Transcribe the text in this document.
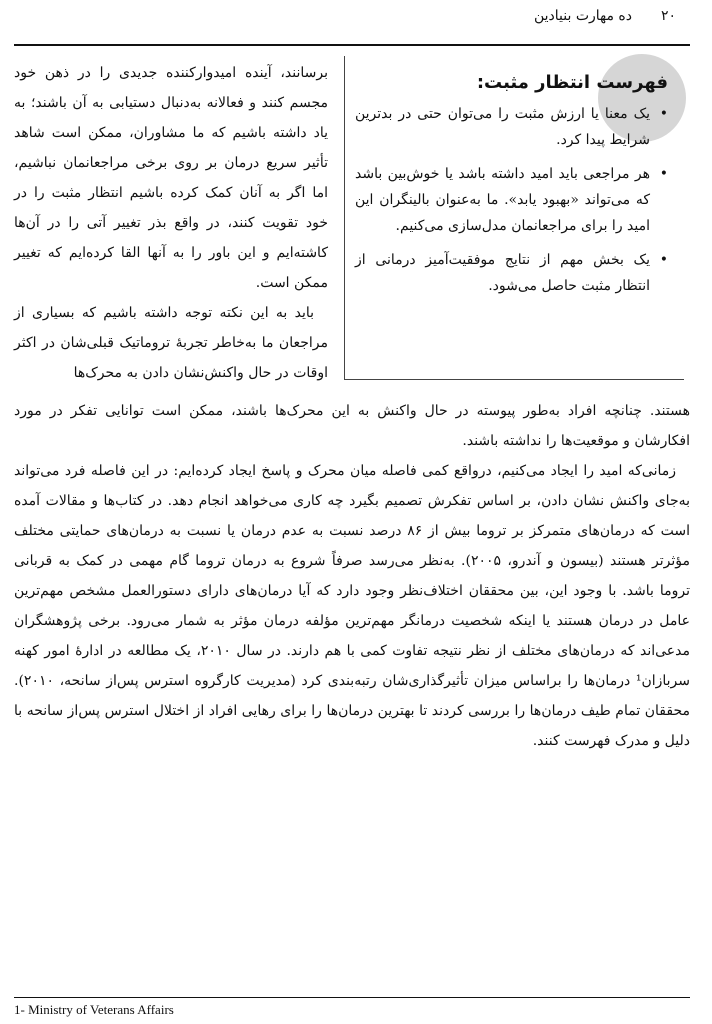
۲۰
ده مهارت بنیادین
فهرست انتظار مثبت:
•
یک معنا یا ارزش مثبت را می‌توان حتی در بدترین شرایط پیدا کرد.
•
هر مراجعی باید امید داشته باشد یا خوش‌بین باشد که می‌تواند «بهبود یابد». ما به‌عنوان بالینگران این امید را برای مراجعانمان مدل‌سازی می‌کنیم.
•
یک بخش مهم از نتایج موفقیت‌آمیز درمانی از انتظار مثبت حاصل می‌شود.

برسانند، آینده امیدوارکننده جدیدی را در ذهن خود مجسم کنند و فعالانه به‌دنبال دستیابی به آن باشند؛ به یاد داشته باشیم که ما مشاوران، ممکن است شاهد تأثیر سریع درمان بر روی برخی مراجعانمان نباشیم، اما اگر به آنان کمک کرده باشیم انتظار مثبت را در خود تقویت کنند، در واقع بذر تغییر آتی را در آن‌ها کاشته‌ایم و این باور را به آنها القا کرده‌ایم که تغییر ممکن است.

باید به این نکته توجه داشته باشیم که بسیاری از مراجعان ما به‌خاطر تجربهٔ تروماتیک قبلی‌شان در اکثر اوقات در حال واکنش‌نشان دادن به محرک‌ها

هستند. چنانچه افراد به‌طور پیوسته در حال واکنش به این محرک‌ها باشند، ممکن است توانایی تفکر در مورد افکارشان و موقعیت‌ها را نداشته باشند.

زمانی‌که امید را ایجاد می‌کنیم، درواقع کمی فاصله میان محرک و پاسخ ایجاد کرده‌ایم: در این فاصله فرد می‌تواند به‌جای واکنش نشان دادن، بر اساس تفکرش تصمیم بگیرد چه کاری می‌خواهد انجام دهد. در کتاب‌ها و مقالات آمده است که درمان‌های متمرکز بر تروما بیش از ۸۶ درصد نسبت به عدم درمان یا نسبت به درمان‌های حمایتی مختلف مؤثرتر هستند (بیسون و آندرو، ۲۰۰۵). به‌نظر می‌رسد صرفاً شروع به درمان تروما گام مهمی در کمک به قربانی تروما باشد. با وجود این، بین محققان اختلاف‌نظر وجود دارد که آیا درمان‌های دارای دستورالعمل مشخص مهم‌ترین عامل در درمان هستند یا اینکه شخصیت درمانگر مهم‌ترین مؤلفه درمان مؤثر به شمار می‌رود. برخی پژوهشگران مدعی‌اند که درمان‌های مختلف از نظر نتیجه تفاوت کمی با هم دارند. در سال ۲۰۱۰، یک مطالعه در ادارهٔ امور کهنه سربازان¹ درمان‌ها را براساس میزان تأثیرگذاری‌شان رتبه‌بندی کرد (مدیریت کارگروه استرس پس‌از سانحه، ۲۰۱۰). محققان تمام طیف درمان‌ها را بررسی کردند تا بهترین درمان‌ها را برای رهایی افراد از اختلال استرس پس‌از سانحه با دلیل و مدرک فهرست کنند.

1- Ministry of Veterans Affairs
